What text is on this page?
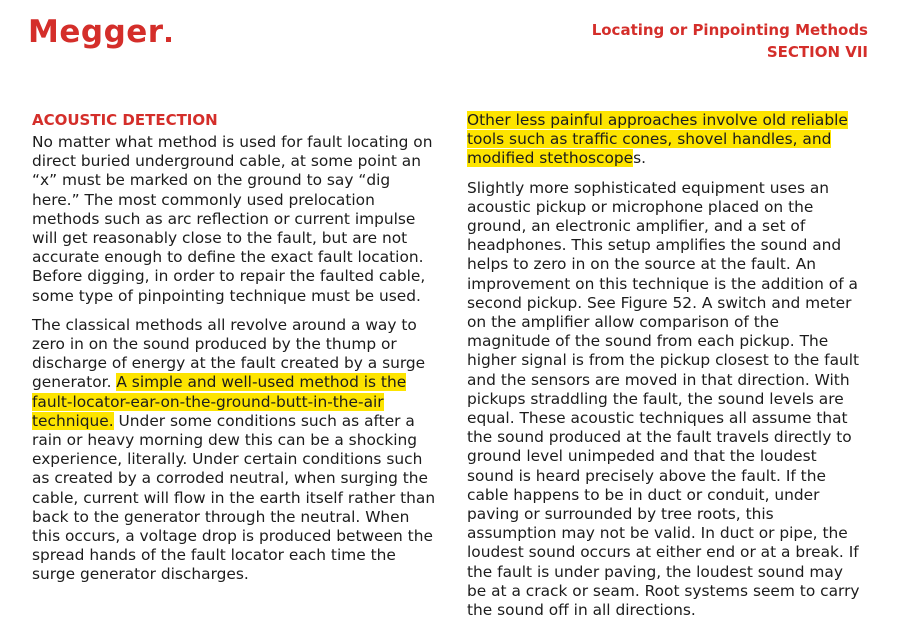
Megger	Locating or Pinpointing Methods
SECTION VII
ACOUSTIC DETECTION

No matter what method is used for fault locating on direct buried underground cable, at some point an “x” must be marked on the ground to say “dig here.” The most commonly used prelocation methods such as arc reflection or current impulse will get reasonably close to the fault, but are not accurate enough to define the exact fault location. Before digging, in order to repair the faulted cable, some type of pinpointing technique must be used.

The classical methods all revolve around a way to zero in on the sound produced by the thump or discharge of energy at the fault created by a surge generator. A simple and well-used method is the fault-locator-ear-on-the-ground-butt-in-the-air technique. Under some conditions such as after a rain or heavy morning dew this can be a shocking experience, literally. Under certain conditions such as created by a corroded neutral, when surging the cable, current will flow in the earth itself rather than back to the generator through the neutral. When this occurs, a voltage drop is produced between the spread hands of the fault locator each time the surge generator discharges.

Other less painful approaches involve old reliable tools such as traffic cones, shovel handles, and modified stethoscopes.

Slightly more sophisticated equipment uses an acoustic pickup or microphone placed on the ground, an electronic amplifier, and a set of headphones. This setup amplifies the sound and helps to zero in on the source at the fault. An improvement on this technique is the addition of a second pickup. See Figure 52. A switch and meter on the amplifier allow comparison of the magnitude of the sound from each pickup. The higher signal is from the pickup closest to the fault and the sensors are moved in that direction. With pickups straddling the fault, the sound levels are equal. These acoustic techniques all assume that the sound produced at the fault travels directly to ground level unimpeded and that the loudest sound is heard precisely above the fault. If the cable happens to be in duct or conduit, under paving or surrounded by tree roots, this assumption may not be valid. In duct or pipe, the loudest sound occurs at either end or at a break. If the fault is under paving, the loudest sound may be at a crack or seam. Root systems seem to carry the sound off in all directions.
